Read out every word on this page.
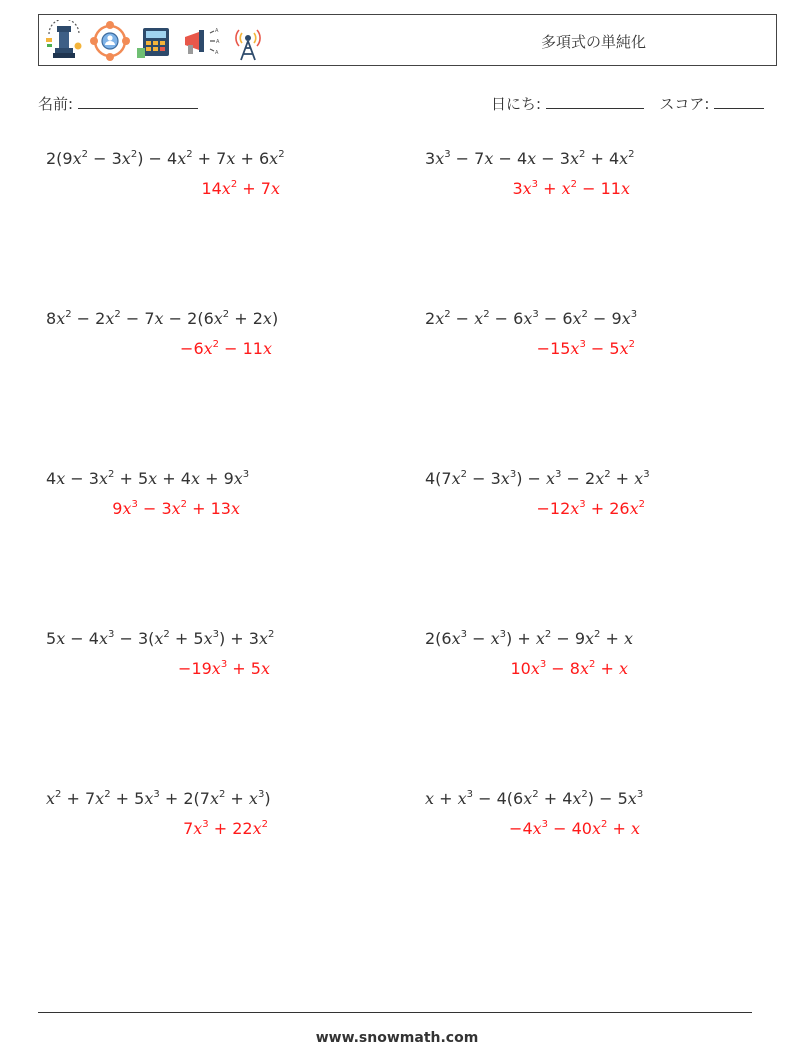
A
A
A
多項式の単純化
名前:	日にち:	スコア:
$2(9x^2 - 3x^2) - 4x^2 + 7x + 6x^2$
$14x^2 + 7x$
$3x^3 - 7x - 4x - 3x^2 + 4x^2$
$3x^3 + x^2 - 11x$
$8x^2 - 2x^2 - 7x - 2(6x^2 + 2x)$
$-6x^2 - 11x$
$2x^2 - x^2 - 6x^3 - 6x^2 - 9x^3$
$-15x^3 - 5x^2$
$4x - 3x^2 + 5x + 4x + 9x^3$
$9x^3 - 3x^2 + 13x$
$4(7x^2 - 3x^3) - x^3 - 2x^2 + x^3$
$-12x^3 + 26x^2$
$5x - 4x^3 - 3(x^2 + 5x^3) + 3x^2$
$-19x^3 + 5x$
$2(6x^3 - x^3) + x^2 - 9x^2 + x$
$10x^3 - 8x^2 + x$
$x^2 + 7x^2 + 5x^3 + 2(7x^2 + x^3)$
$7x^3 + 22x^2$
$x + x^3 - 4(6x^2 + 4x^2) - 5x^3$
$-4x^3 - 40x^2 + x$
www.snowmath.com
